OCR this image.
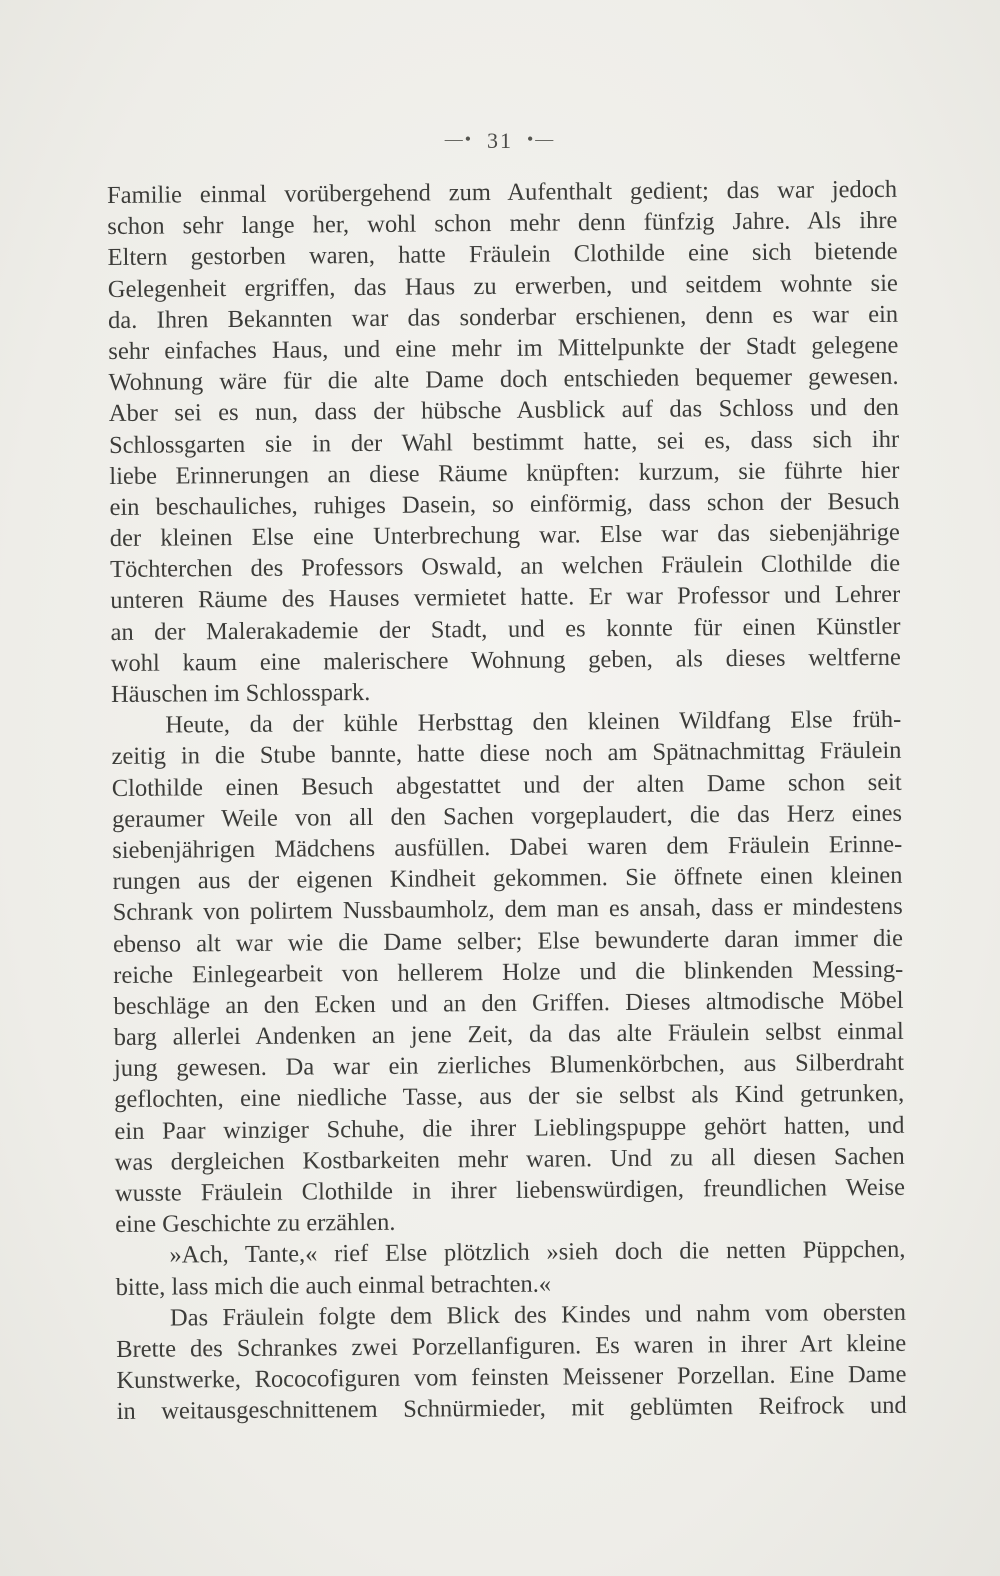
—• 31 •—
Familie einmal vorübergehend zum Aufenthalt gedient; das war jedoch
schon sehr lange her, wohl schon mehr denn fünfzig Jahre. Als ihre
Eltern gestorben waren, hatte Fräulein Clothilde eine sich bietende
Gelegenheit ergriffen, das Haus zu erwerben, und seitdem wohnte sie
da. Ihren Bekannten war das sonderbar erschienen, denn es war ein
sehr einfaches Haus, und eine mehr im Mittelpunkte der Stadt gelegene
Wohnung wäre für die alte Dame doch entschieden bequemer gewesen.
Aber sei es nun, dass der hübsche Ausblick auf das Schloss und den
Schlossgarten sie in der Wahl bestimmt hatte, sei es, dass sich ihr
liebe Erinnerungen an diese Räume knüpften: kurzum, sie führte hier
ein beschauliches, ruhiges Dasein, so einförmig, dass schon der Besuch
der kleinen Else eine Unterbrechung war. Else war das siebenjährige
Töchterchen des Professors Oswald, an welchen Fräulein Clothilde die
unteren Räume des Hauses vermietet hatte. Er war Professor und Lehrer
an der Malerakademie der Stadt, und es konnte für einen Künstler
wohl kaum eine malerischere Wohnung geben, als dieses weltferne
Häuschen im Schlosspark.
Heute, da der kühle Herbsttag den kleinen Wildfang Else früh-
zeitig in die Stube bannte, hatte diese noch am Spätnachmittag Fräulein
Clothilde einen Besuch abgestattet und der alten Dame schon seit
geraumer Weile von all den Sachen vorgeplaudert, die das Herz eines
siebenjährigen Mädchens ausfüllen. Dabei waren dem Fräulein Erinne-
rungen aus der eigenen Kindheit gekommen. Sie öffnete einen kleinen
Schrank von polirtem Nussbaumholz, dem man es ansah, dass er mindestens
ebenso alt war wie die Dame selber; Else bewunderte daran immer die
reiche Einlegearbeit von hellerem Holze und die blinkenden Messing-
beschläge an den Ecken und an den Griffen. Dieses altmodische Möbel
barg allerlei Andenken an jene Zeit, da das alte Fräulein selbst einmal
jung gewesen. Da war ein zierliches Blumenkörbchen, aus Silberdraht
geflochten, eine niedliche Tasse, aus der sie selbst als Kind getrunken,
ein Paar winziger Schuhe, die ihrer Lieblingspuppe gehört hatten, und
was dergleichen Kostbarkeiten mehr waren. Und zu all diesen Sachen
wusste Fräulein Clothilde in ihrer liebenswürdigen, freundlichen Weise
eine Geschichte zu erzählen.
»Ach, Tante,« rief Else plötzlich »sieh doch die netten Püppchen,
bitte, lass mich die auch einmal betrachten.«
Das Fräulein folgte dem Blick des Kindes und nahm vom obersten
Brette des Schrankes zwei Porzellanfiguren. Es waren in ihrer Art kleine
Kunstwerke, Rococofiguren vom feinsten Meissener Porzellan. Eine Dame
in weitausgeschnittenem Schnürmieder, mit geblümten Reifrock und
